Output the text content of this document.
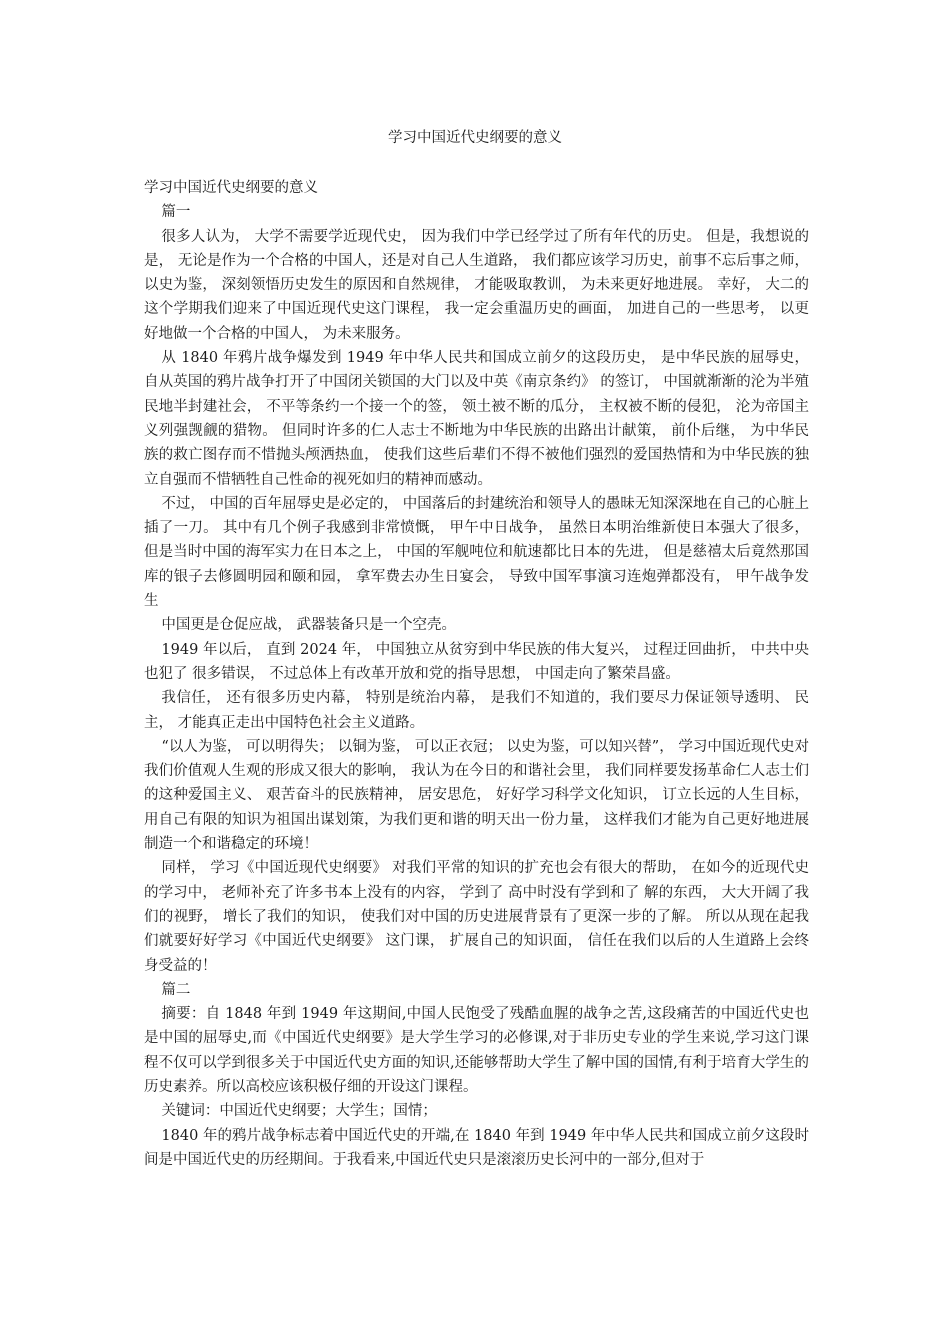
学习中国近代史纲要的意义

学习中国近代史纲要的意义

篇一

很多人认为， 大学不需要学近现代史， 因为我们中学已经学过了所有年代的历史。 但是，我想说的是， 无论是作为一个合格的中国人，还是对自己人生道路， 我们都应该学习历史，前事不忘后事之师， 以史为鉴， 深刻领悟历史发生的原因和自然规律， 才能吸取教训， 为未来更好地进展。 幸好， 大二的这个学期我们迎来了中国近现代史这门课程， 我一定会重温历史的画面， 加进自己的一些思考， 以更好地做一个合格的中国人， 为未来服务。

从 1840 年鸦片战争爆发到 1949 年中华人民共和国成立前夕的这段历史， 是中华民族的屈辱史， 自从英国的鸦片战争打开了中国闭关锁国的大门以及中英《南京条约》 的签订， 中国就渐渐的沦为半殖民地半封建社会， 不平等条约一个接一个的签， 领土被不断的瓜分， 主权被不断的侵犯， 沦为帝国主义列强觊觎的猎物。 但同时许多的仁人志士不断地为中华民族的出路出计献策， 前仆后继， 为中华民族的救亡图存而不惜抛头颅洒热血， 使我们这些后辈们不得不被他们强烈的爱国热情和为中华民族的独立自强而不惜牺牲自己性命的视死如归的精神而感动。

不过， 中国的百年屈辱史是必定的， 中国落后的封建统治和领导人的愚昧无知深深地在自己的心脏上插了一刀。 其中有几个例子我感到非常愤慨， 甲午中日战争， 虽然日本明治维新使日本强大了很多，但是当时中国的海军实力在日本之上， 中国的军舰吨位和航速都比日本的先进， 但是慈禧太后竟然那国库的银子去修圆明园和颐和园， 拿军费去办生日宴会， 导致中国军事演习连炮弹都没有， 甲午战争发生

中国更是仓促应战， 武器装备只是一个空壳。

1949 年以后， 直到 2024 年， 中国独立从贫穷到中华民族的伟大复兴， 过程迂回曲折， 中共中央也犯了 很多错误， 不过总体上有改革开放和党的指导思想， 中国走向了繁荣昌盛。

我信任， 还有很多历史内幕， 特别是统治内幕， 是我们不知道的，我们要尽力保证领导透明、 民主， 才能真正走出中国特色社会主义道路。

“以人为鉴， 可以明得失； 以铜为鉴， 可以正衣冠； 以史为鉴，可以知兴替”， 学习中国近现代史对我们价值观人生观的形成又很大的影响， 我认为在今日的和谐社会里， 我们同样要发扬革命仁人志士们的这种爱国主义、 艰苦奋斗的民族精神， 居安思危， 好好学习科学文化知识， 订立长远的人生目标， 用自己有限的知识为祖国出谋划策，为我们更和谐的明天出一份力量， 这样我们才能为自己更好地进展制造一个和谐稳定的环境！

同样， 学习《中国近现代史纲要》 对我们平常的知识的扩充也会有很大的帮助， 在如今的近现代史的学习中， 老师补充了许多书本上没有的内容， 学到了 高中时没有学到和了 解的东西， 大大开阔了我们的视野， 增长了我们的知识， 使我们对中国的历史进展背景有了更深一步的了解。 所以从现在起我们就要好好学习《中国近代史纲要》 这门课， 扩展自己的知识面， 信任在我们以后的人生道路上会终身受益的！

篇二

摘要：自 1848 年到 1949 年这期间,中国人民饱受了残酷血腥的战争之苦,这段痛苦的中国近代史也是中国的屈辱史,而《中国近代史纲要》是大学生学习的必修课,对于非历史专业的学生来说,学习这门课程不仅可以学到很多关于中国近代史方面的知识,还能够帮助大学生了解中国的国情,有利于培育大学生的历史素养。所以高校应该积极仔细的开设这门课程。

关键词：中国近代史纲要；大学生；国情；

1840 年的鸦片战争标志着中国近代史的开端,在 1840 年到 1949 年中华人民共和国成立前夕这段时间是中国近代史的历经期间。于我看来,中国近代史只是滚滚历史长河中的一部分,但对于
